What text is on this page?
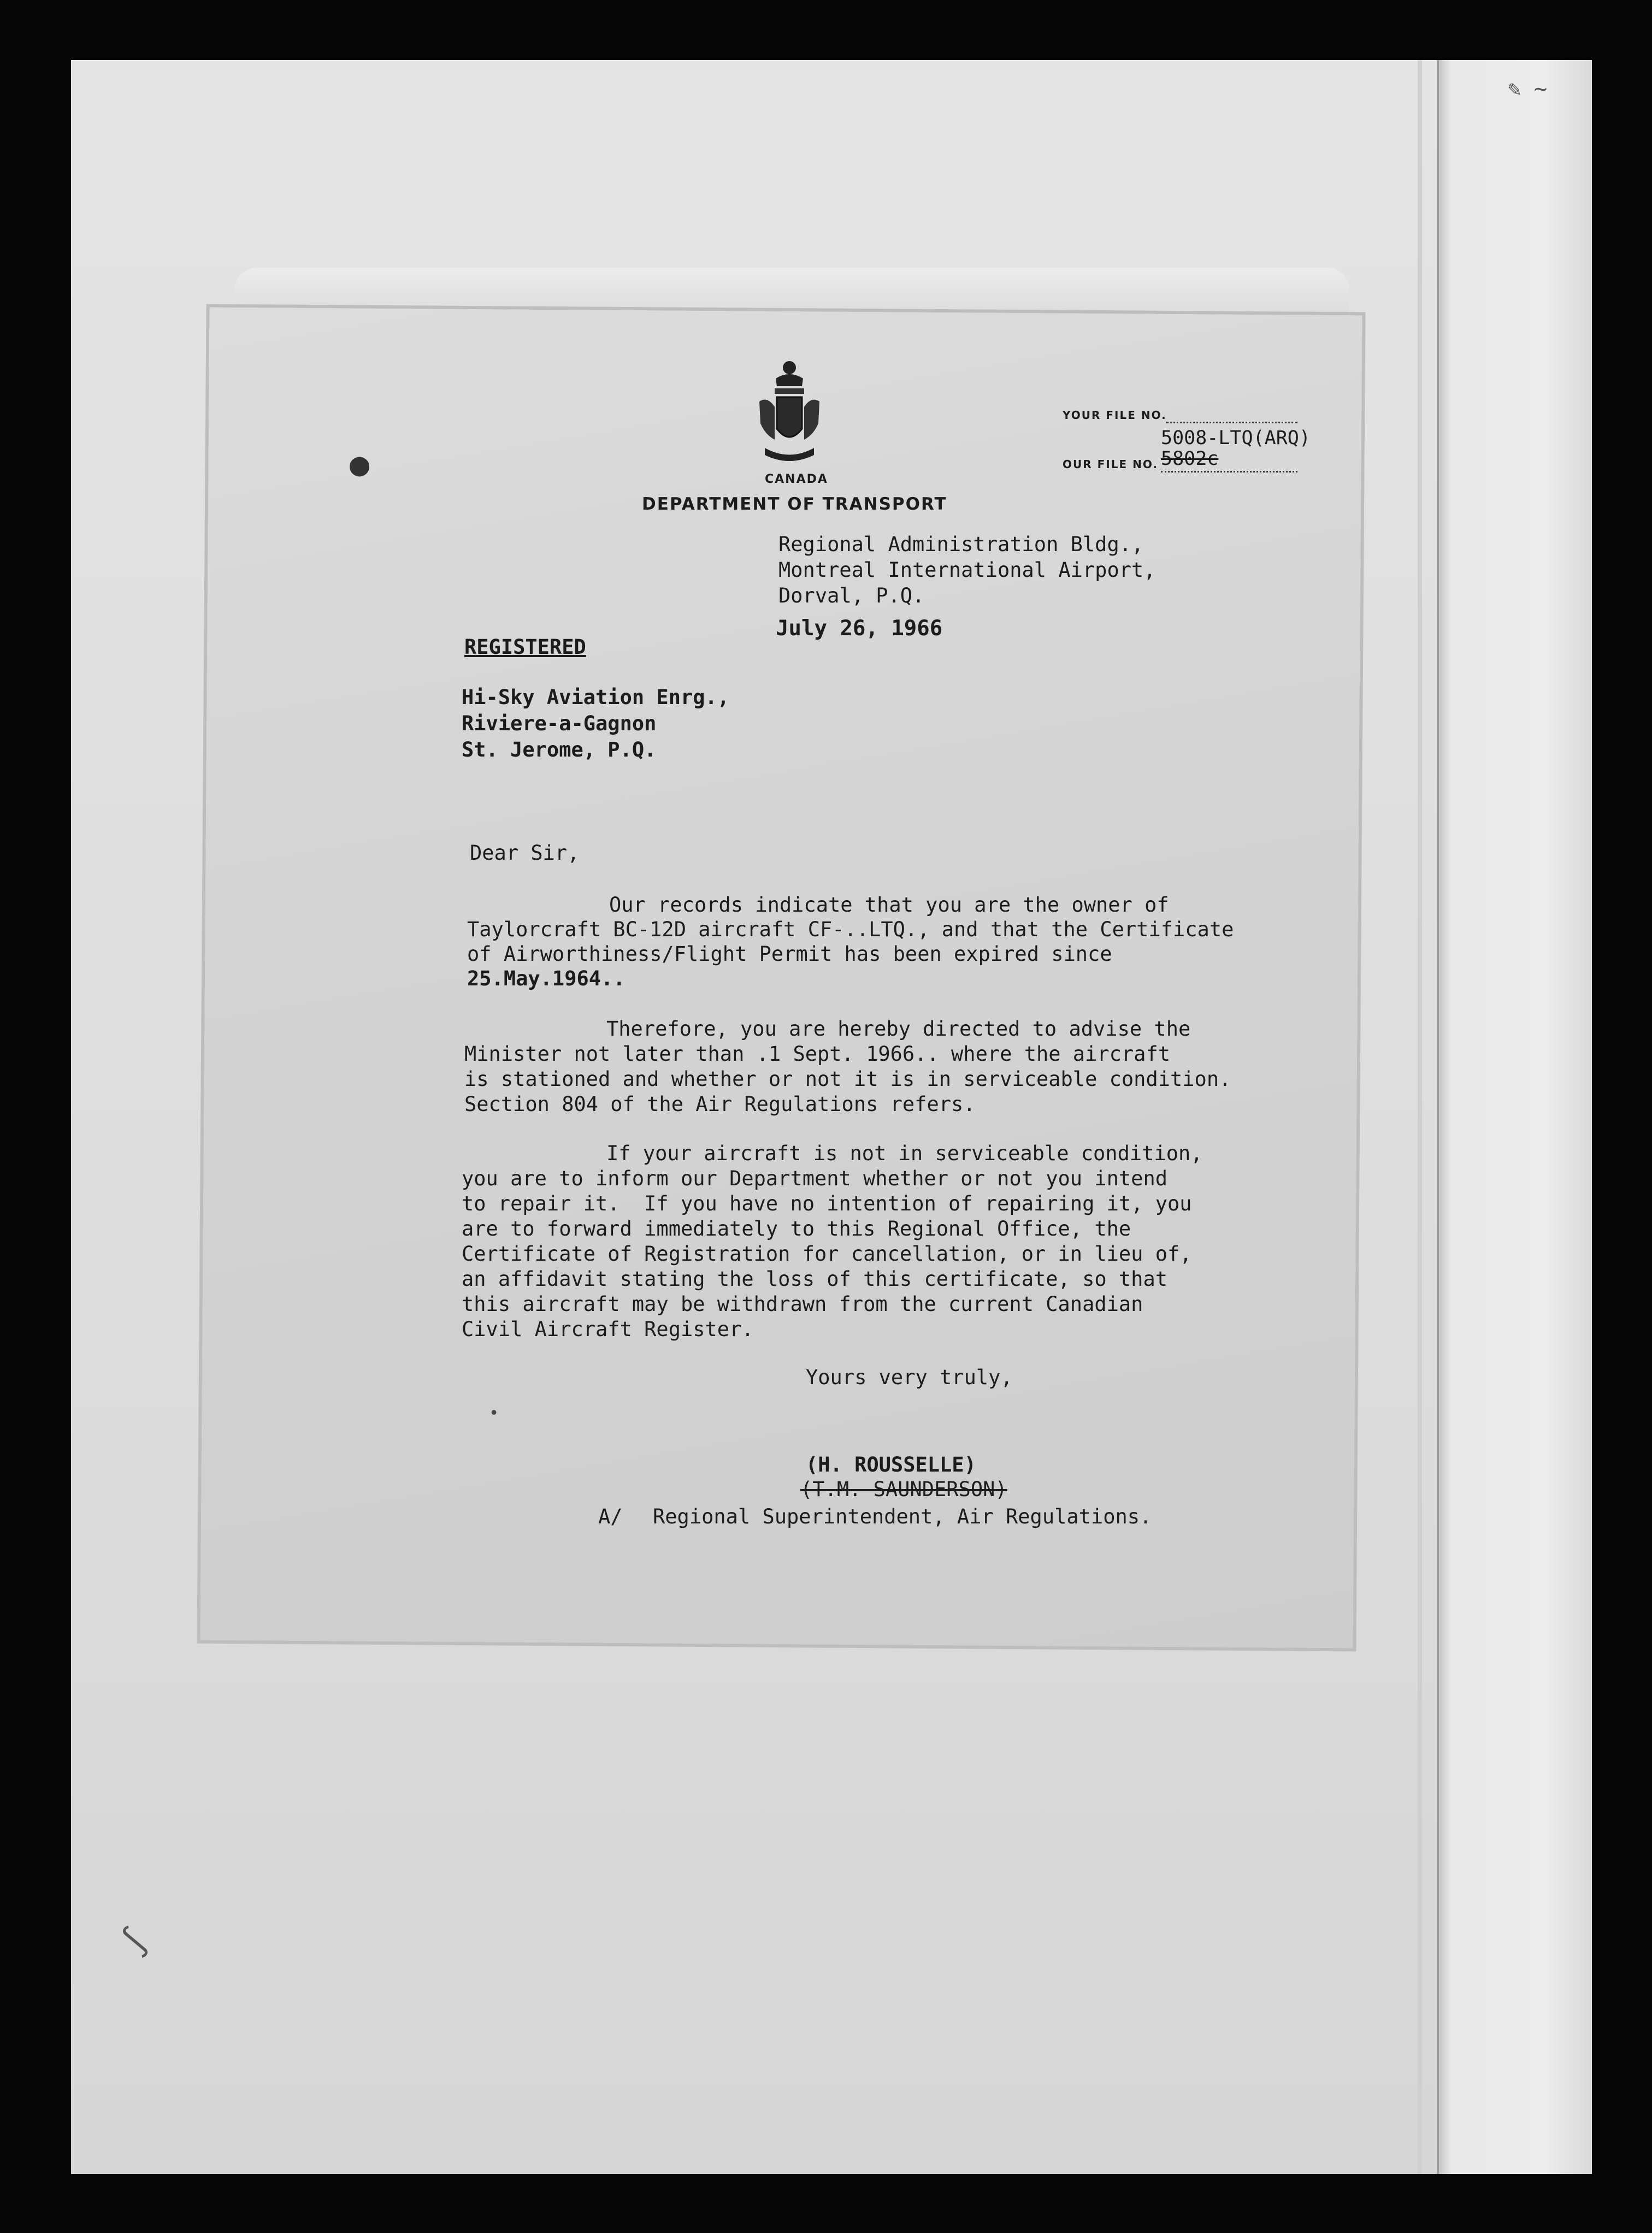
✎ ~
∫
CANADA
DEPARTMENT OF TRANSPORT
YOUR FILE NO.
5008-LTQ(ARQ)
OUR FILE NO. 5802c
Regional Administration Bldg.,
Montreal International Airport,
Dorval, P.Q.
July 26, 1966
REGISTERED
Hi-Sky Aviation Enrg.,
Riviere-a-Gagnon
St. Jerome, P.Q.
Dear Sir,
Our records indicate that you are the owner of
Taylorcraft BC-12D aircraft CF-..LTQ., and that the Certificate
of Airworthiness/Flight Permit has been expired since
25.May.1964..
Therefore, you are hereby directed to advise the
Minister not later than .1 Sept. 1966.. where the aircraft
is stationed and whether or not it is in serviceable condition.
Section 804 of the Air Regulations refers.
If your aircraft is not in serviceable condition,
you are to inform our Department whether or not you intend
to repair it.  If you have no intention of repairing it, you
are to forward immediately to this Regional Office, the
Certificate of Registration for cancellation, or in lieu of,
an affidavit stating the loss of this certificate, so that
this aircraft may be withdrawn from the current Canadian
Civil Aircraft Register.
Yours very truly,
(H. ROUSSELLE)
(T.M. SAUNDERSON)
A/ Regional Superintendent, Air Regulations.
●
•
